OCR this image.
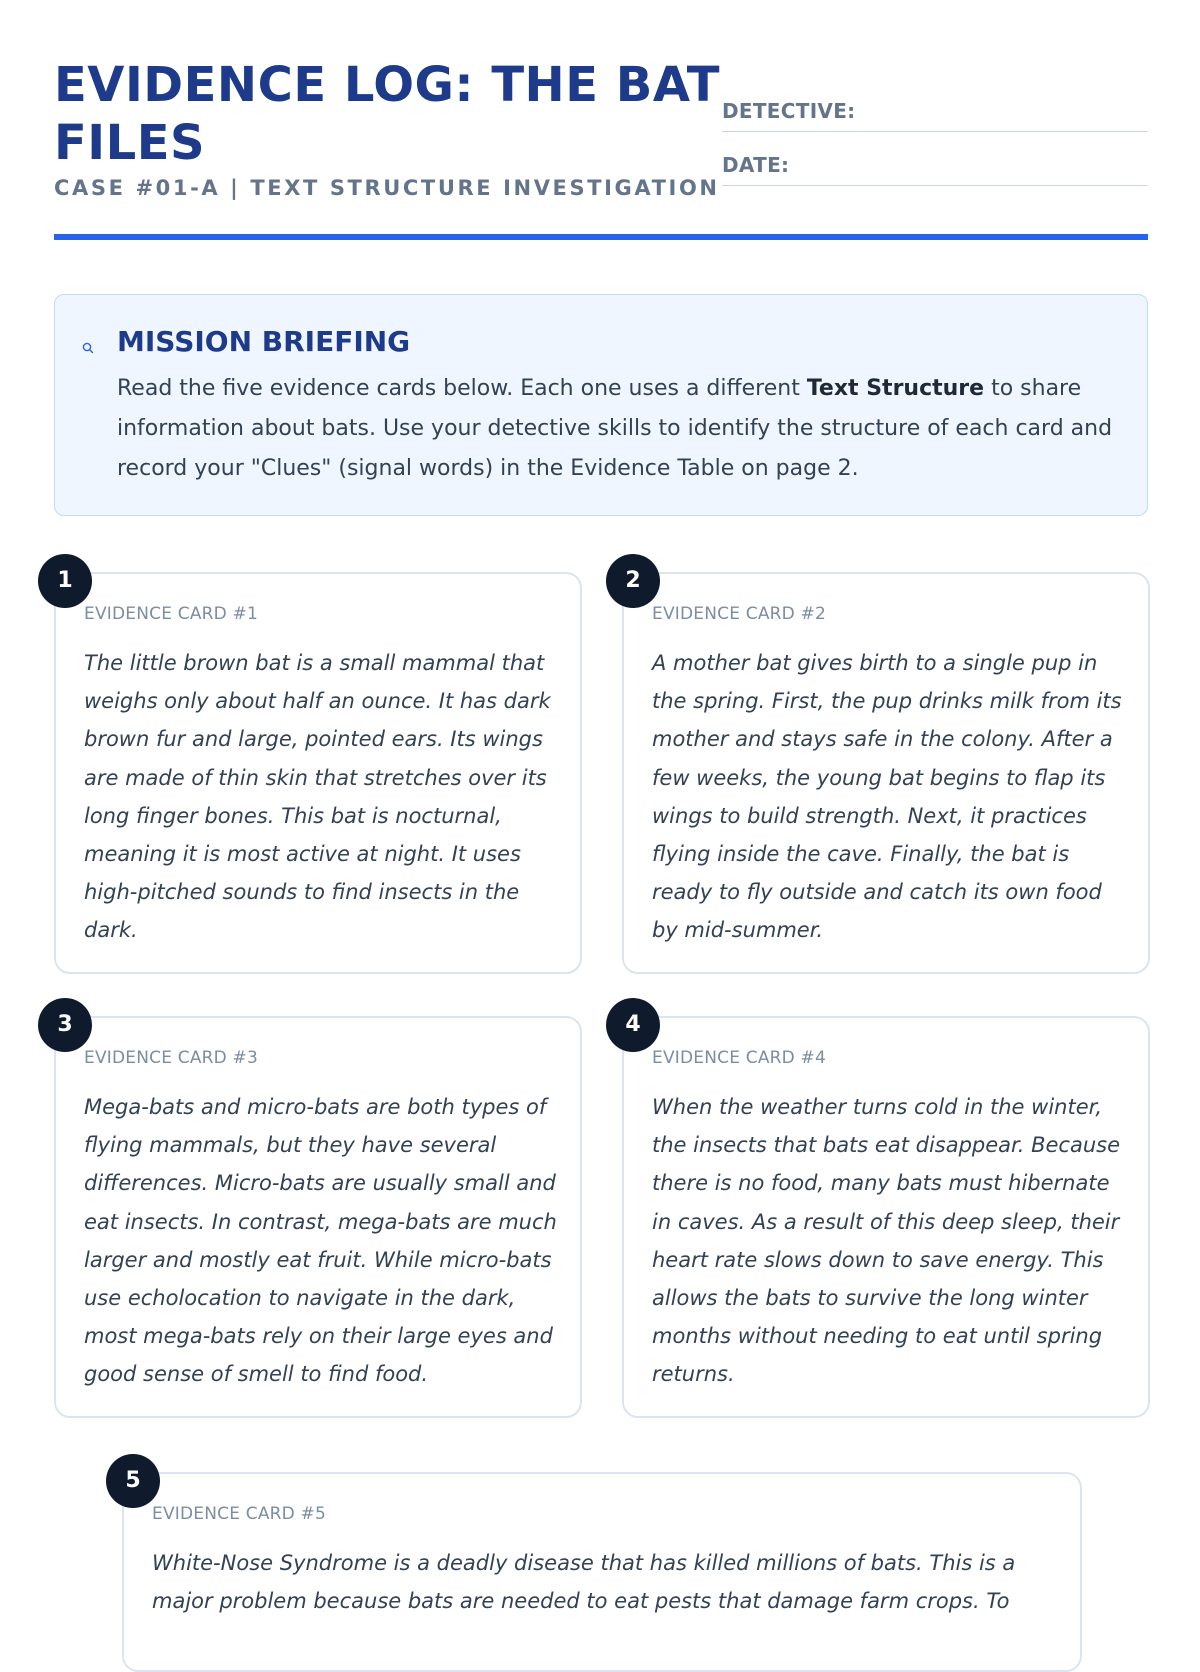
EVIDENCE LOG: THE BAT FILES
CASE #01-A | TEXT STRUCTURE INVESTIGATION
DETECTIVE:
DATE:
MISSION BRIEFING
Read the five evidence cards below. Each one uses a different Text Structure to share information about bats. Use your detective skills to identify the structure of each card and record your "Clues" (signal words) in the Evidence Table on page 2.
1
EVIDENCE CARD #1
The little brown bat is a small mammal that weighs only about half an ounce. It has dark brown fur and large, pointed ears. Its wings are made of thin skin that stretches over its long finger bones. This bat is nocturnal, meaning it is most active at night. It uses high-pitched sounds to find insects in the dark.
2
EVIDENCE CARD #2
A mother bat gives birth to a single pup in the spring. First, the pup drinks milk from its mother and stays safe in the colony. After a few weeks, the young bat begins to flap its wings to build strength. Next, it practices flying inside the cave. Finally, the bat is ready to fly outside and catch its own food by mid-summer.
3
EVIDENCE CARD #3
Mega-bats and micro-bats are both types of flying mammals, but they have several differences. Micro-bats are usually small and eat insects. In contrast, mega-bats are much larger and mostly eat fruit. While micro-bats use echolocation to navigate in the dark, most mega-bats rely on their large eyes and good sense of smell to find food.
4
EVIDENCE CARD #4
When the weather turns cold in the winter, the insects that bats eat disappear. Because there is no food, many bats must hibernate in caves. As a result of this deep sleep, their heart rate slows down to save energy. This allows the bats to survive the long winter months without needing to eat until spring returns.
5
EVIDENCE CARD #5
White-Nose Syndrome is a deadly disease that has killed millions of bats. This is a major problem because bats are needed to eat pests that damage farm crops. To
